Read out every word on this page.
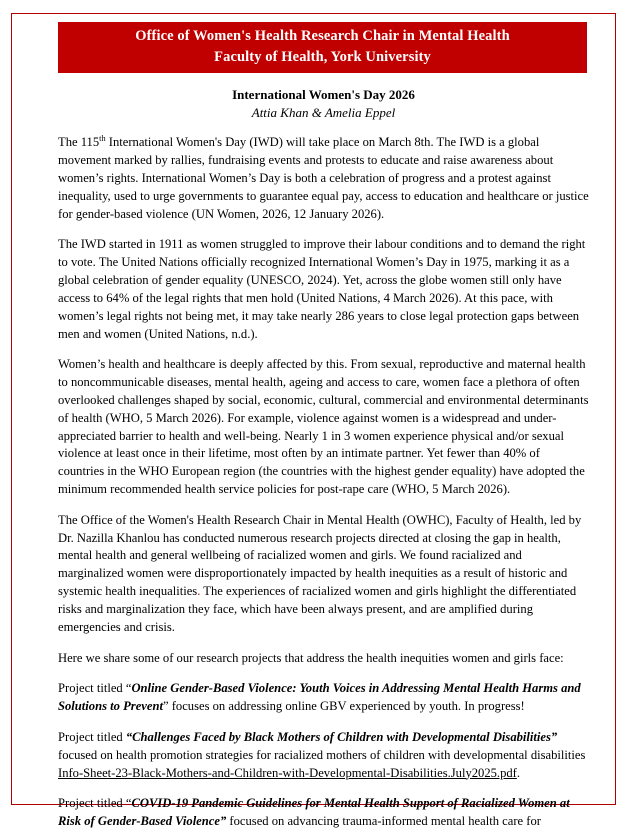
Office of Women's Health Research Chair in Mental Health
Faculty of Health, York University
International Women's Day 2026
Attia Khan & Amelia Eppel

The 115th International Women's Day (IWD) will take place on March 8th. The IWD is a global movement marked by rallies, fundraising events and protests to educate and raise awareness about women’s rights. International Women’s Day is both a celebration of progress and a protest against inequality, used to urge governments to guarantee equal pay, access to education and healthcare or justice for gender-based violence (UN Women, 2026, 12 January 2026).

The IWD started in 1911 as women struggled to improve their labour conditions and to demand the right to vote. The United Nations officially recognized International Women’s Day in 1975, marking it as a global celebration of gender equality (UNESCO, 2024). Yet, across the globe women still only have access to 64% of the legal rights that men hold (United Nations, 4 March 2026). At this pace, with women’s legal rights not being met, it may take nearly 286 years to close legal protection gaps between men and women (United Nations, n.d.).

Women’s health and healthcare is deeply affected by this. From sexual, reproductive and maternal health to noncommunicable diseases, mental health, ageing and access to care, women face a plethora of often overlooked challenges shaped by social, economic, cultural, commercial and environmental determinants of health (WHO, 5 March 2026). For example, violence against women is a widespread and under- appreciated barrier to health and well-being. Nearly 1 in 3 women experience physical and/or sexual violence at least once in their lifetime, most often by an intimate partner. Yet fewer than 40% of countries in the WHO European region (the countries with the highest gender equality) have adopted the minimum recommended health service policies for post-rape care (WHO, 5 March 2026).

The Office of the Women's Health Research Chair in Mental Health (OWHC), Faculty of Health, led by Dr. Nazilla Khanlou has conducted numerous research projects directed at closing the gap in health, mental health and general wellbeing of racialized women and girls. We found racialized and marginalized women were disproportionately impacted by health inequities as a result of historic and systemic health inequalities. The experiences of racialized women and girls highlight the differentiated risks and marginalization they face, which have been always present, and are amplified during emergencies and crisis.

Here we share some of our research projects that address the health inequities women and girls face:

Project titled “Online Gender-Based Violence: Youth Voices in Addressing Mental Health Harms and Solutions to Prevent” focuses on addressing online GBV experienced by youth. In progress!

Project titled “Challenges Faced by Black Mothers of Children with Developmental Disabilities” focused on health promotion strategies for racialized mothers of children with developmental disabilities Info-Sheet-23-Black-Mothers-and-Children-with-Developmental-Disabilities.July2025.pdf.

Project titled “COVID-19 Pandemic Guidelines for Mental Health Support of Racialized Women at Risk of Gender-Based Violence” focused on advancing trauma-informed mental health care for
